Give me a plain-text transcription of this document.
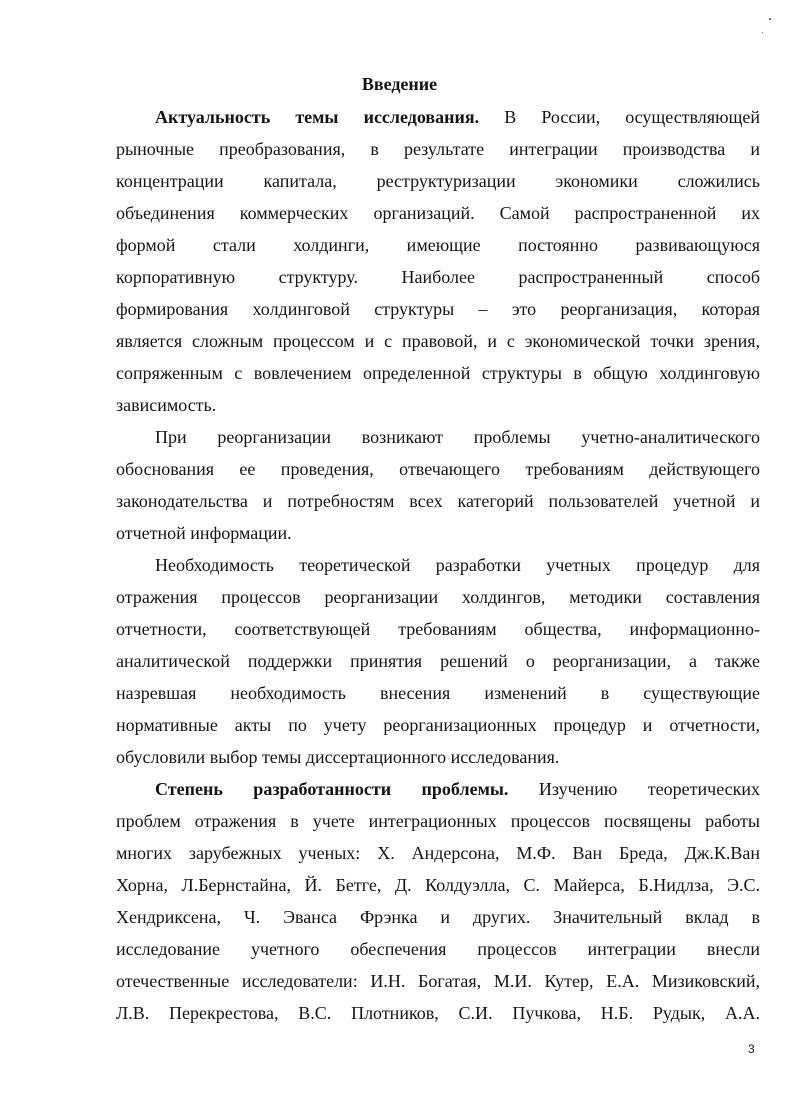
Введение
Актуальность темы исследования. В России, осуществляющей
рыночные преобразования, в результате интеграции производства и
концентрации капитала, реструктуризации экономики сложились
объединения коммерческих организаций. Самой распространенной их
формой стали холдинги, имеющие постоянно развивающуюся
корпоративную структуру. Наиболее распространенный способ
формирования холдинговой структуры – это реорганизация, которая
является сложным процессом и с правовой, и с экономической точки зрения,
сопряженным с вовлечением определенной структуры в общую холдинговую
зависимость.
При реорганизации возникают проблемы учетно-аналитического
обоснования ее проведения, отвечающего требованиям действующего
законодательства и потребностям всех категорий пользователей учетной и
отчетной информации.
Необходимость теоретической разработки учетных процедур для
отражения процессов реорганизации холдингов, методики составления
отчетности, соответствующей требованиям общества, информационно-
аналитической поддержки принятия решений о реорганизации, а также
назревшая необходимость внесения изменений в существующие
нормативные акты по учету реорганизационных процедур и отчетности,
обусловили выбор темы диссертационного исследования.
Степень разработанности проблемы. Изучению теоретических
проблем отражения в учете интеграционных процессов посвящены работы
многих зарубежных ученых: Х. Андерсона, М.Ф. Ван Бреда, Дж.К.Ван
Хорна, Л.Бернстайна, Й. Бетге, Д. Колдуэлла, С. Майерса, Б.Нидлза, Э.С.
Хендриксена, Ч. Эванса Фрэнка и других. Значительный вклад в
исследование учетного обеспечения процессов интеграции внесли
отечественные исследователи: И.Н. Богатая, М.И. Кутер, Е.А. Мизиковский,
Л.В. Перекрестова, В.С. Плотников, С.И. Пучкова, Н.Б. Рудык, А.А.
3
